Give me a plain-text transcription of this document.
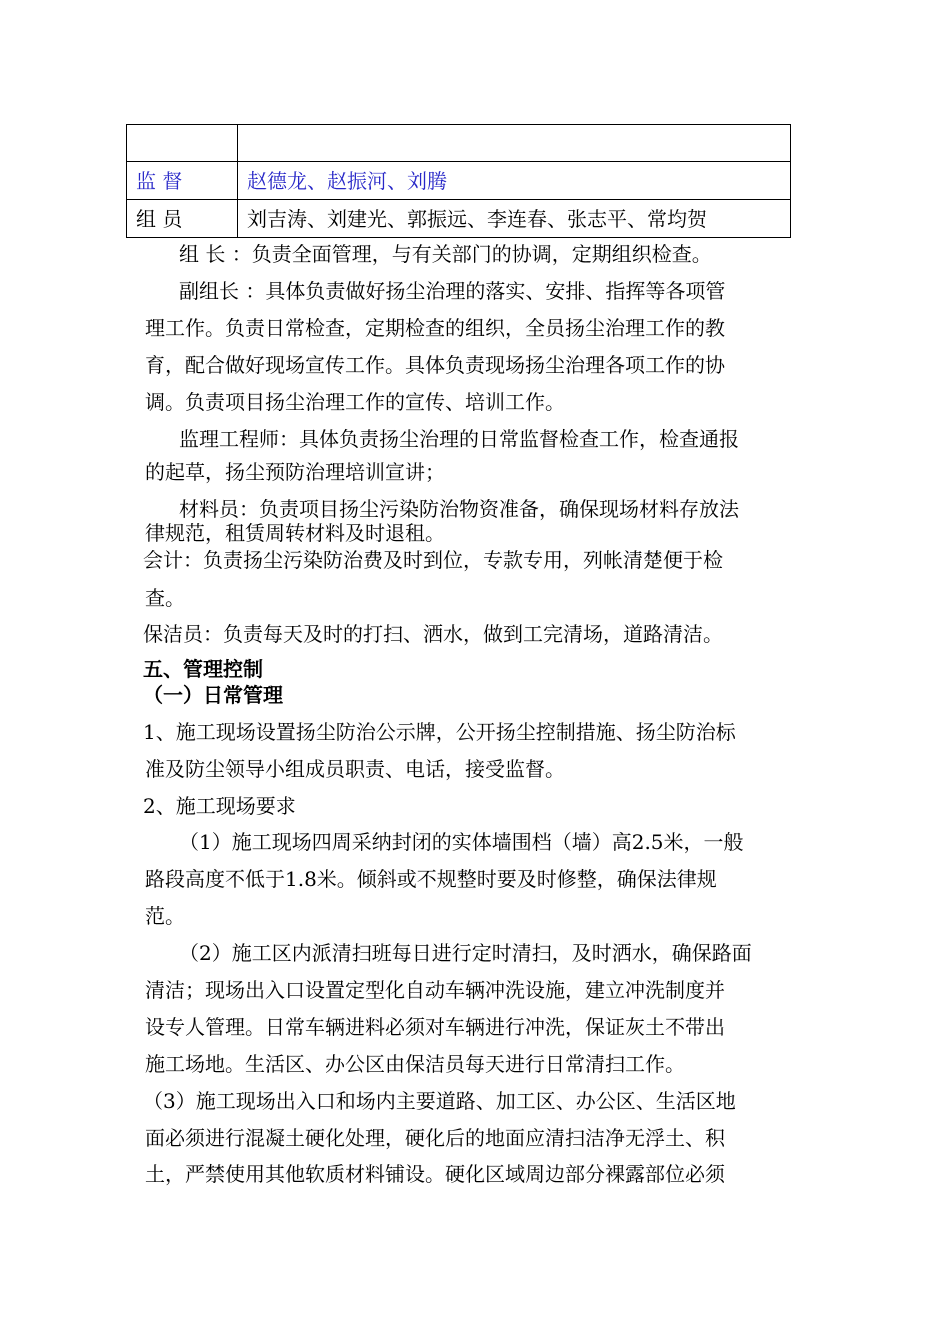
监 督	赵德龙、赵振河、刘腾
组 员	刘吉涛、刘建光、郭振远、李连春、张志平、常均贺
组 长 ：负责全面管理，与有关部门的协调，定期组织检查。
副组长 ：具体负责做好扬尘治理的落实、安排、指挥等各项管
理工作。负责日常检查，定期检查的组织，全员扬尘治理工作的教
育，配合做好现场宣传工作。具体负责现场扬尘治理各项工作的协
调。负责项目扬尘治理工作的宣传、培训工作。
监理工程师：具体负责扬尘治理的日常监督检查工作，检查通报
的起草，扬尘预防治理培训宣讲；
材料员：负责项目扬尘污染防治物资准备，确保现场材料存放法
律规范，租赁周转材料及时退租。
会计：负责扬尘污染防治费及时到位，专款专用，列帐清楚便于检
查。
保洁员：负责每天及时的打扫、洒水，做到工完清场，道路清洁。
五、管理控制
（一）日常管理
1、施工现场设置扬尘防治公示牌，公开扬尘控制措施、扬尘防治标
准及防尘领导小组成员职责、电话，接受监督。
2、施工现场要求
（1）施工现场四周采纳封闭的实体墙围档（墙）高2.5米，一般
路段高度不低于1.8米。倾斜或不规整时要及时修整，确保法律规
范。
（2）施工区内派清扫班每日进行定时清扫，及时洒水，确保路面
清洁；现场出入口设置定型化自动车辆冲洗设施，建立冲洗制度并
设专人管理。日常车辆进料必须对车辆进行冲洗，保证灰土不带出
施工场地。生活区、办公区由保洁员每天进行日常清扫工作。
（3）施工现场出入口和场内主要道路、加工区、办公区、生活区地
面必须进行混凝土硬化处理，硬化后的地面应清扫洁净无浮土、积
土，严禁使用其他软质材料铺设。硬化区域周边部分裸露部位必须
